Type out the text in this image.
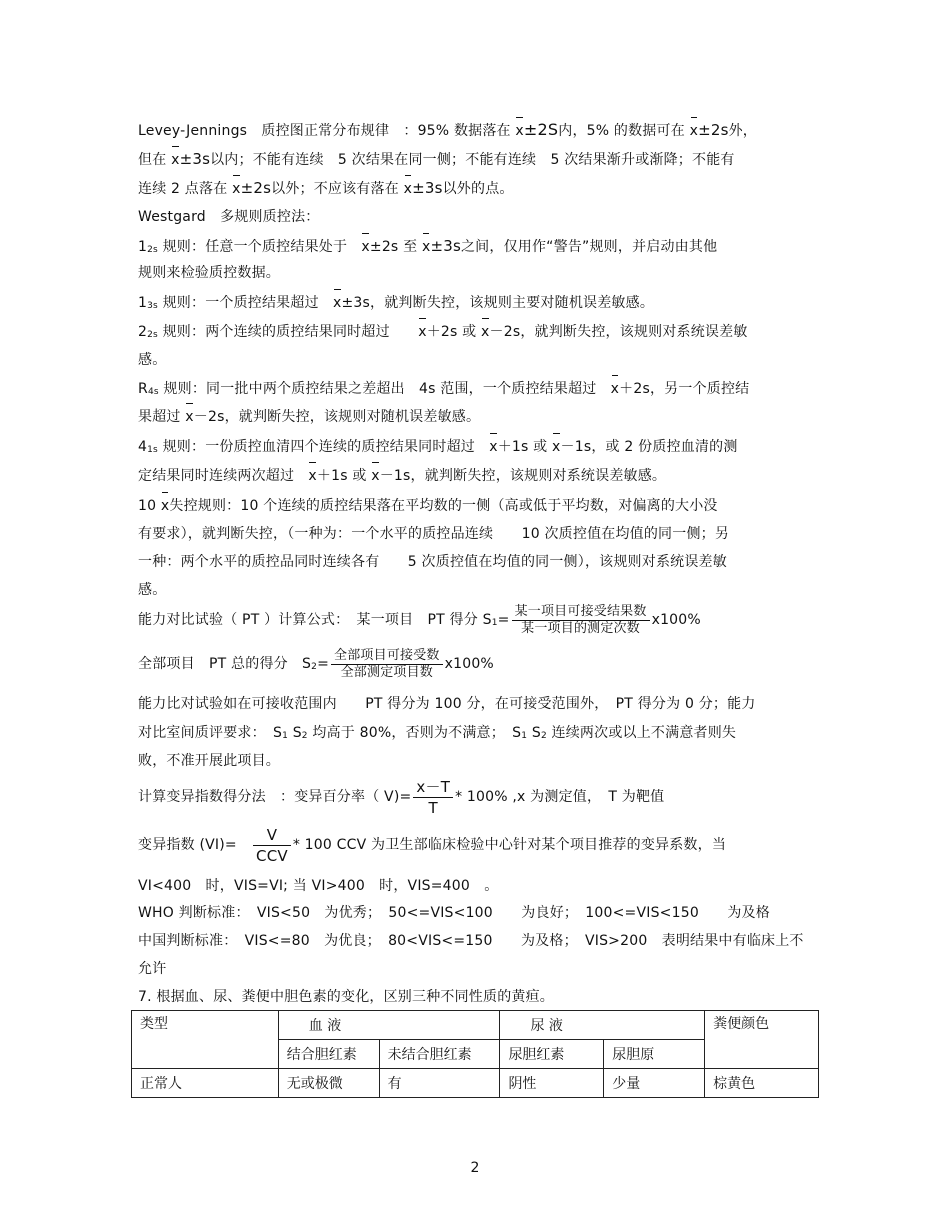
Levey-Jennings　 质控图正常分布规律　：95% 数据落在 x±2S内，5% 的数据可在 x±2s外，
但在 x±3s以内；不能有连续　5 次结果在同一侧；不能有连续　5 次结果渐升或渐降；不能有
连续 2 点落在 x±2s以外；不应该有落在 x±3s以外的点。
Westgard　多规则质控法：
12s 规则：任意一个质控结果处于　 x±2s 至 x±3s之间，仅用作“警告”规则，并启动由其他
规则来检验质控数据。
13s 规则：一个质控结果超过　 x±3s，就判断失控，该规则主要对随机误差敏感。
22s 规则：两个连续的质控结果同时超过　　 x＋2s 或 x－2s，就判断失控，该规则对系统误差敏
感。
R4s 规则：同一批中两个质控结果之差超出　4s 范围，一个质控结果超过　 x＋2s，另一个质控结
果超过 x－2s，就判断失控，该规则对随机误差敏感。
41s 规则：一份质控血清四个连续的质控结果同时超过　 x＋1s 或 x－1s，或 2 份质控血清的测
定结果同时连续两次超过　 x＋1s 或 x－1s，就判断失控，该规则对系统误差敏感。
10 x失控规则：10 个连续的质控结果落在平均数的一侧（高或低于平均数，对偏离的大小没
有要求），就判断失控，（一种为：一个水平的质控品连续　　10 次质控值在均值的同一侧；另
一种：两个水平的质控品同时连续各有　　5 次质控值在均值的同一侧），该规则对系统误差敏
感。
能力对比试验（ PT ）计算公式：　某一项目　PT 得分 $S1= \frac{\text{某一项目可接受结果数}}{\text{某一项目的测定次数}} x100\%$
全部项目　PT 总的得分　 $S2= \frac{\text{全部项目可接受数}}{\text{全部测定项目数}} x100\%$
能力比对试验如在可接收范围内　　PT 得分为 100 分，在可接受范围外，　PT 得分为 0 分；能力
对比室间质评要求：　 S1 S2 均高于 80%，否则为不满意；　 S1 S2 连续两次或以上不满意者则失
败，不准开展此项目。
计算变异指数得分法　：变异百分率（ $V)= \frac{x-T}{T} * 100\%$ ,x 为测定值，　T 为靶值
变异指数 (VI)=　 $\frac{V}{\text{CCV}} * 100$ CCV 为卫生部临床检验中心针对某个项目推荐的变异系数，当
VI<400　时，VIS=VI; 当 VI>400　时，VIS=400　。
WHO 判断标准：　VIS<50　为优秀；　50<=VIS<100　　为良好；　100<=VIS<150　　为及格
中国判断标准：　VIS<=80　为优良；　80<VIS<=150　　为及格；　VIS>200　表明结果中有临床上不
允许
7. 根据血、尿、粪便中胆色素的变化，区别三种不同性质的黄疸。
类型	血 液		尿 液		粪便颜色
	结合胆红素	未结合胆红素	尿胆红素	尿胆原	
正常人	无或极微	有	阴性	少量	棕黄色
2
